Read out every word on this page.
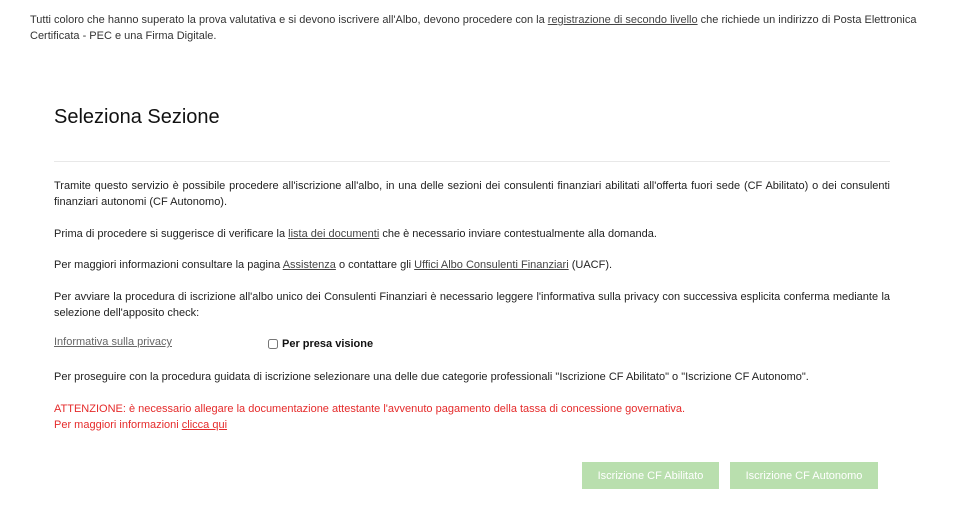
Tutti coloro che hanno superato la prova valutativa e si devono iscrivere all'Albo, devono procedere con la registrazione di secondo livello che richiede un indirizzo di Posta Elettronica Certificata - PEC e una Firma Digitale.
Seleziona Sezione
Tramite questo servizio è possibile procedere all'iscrizione all'albo, in una delle sezioni dei consulenti finanziari abilitati all'offerta fuori sede (CF Abilitato) o dei consulenti finanziari autonomi (CF Autonomo).
Prima di procedere si suggerisce di verificare la lista dei documenti che è necessario inviare contestualmente alla domanda.
Per maggiori informazioni consultare la pagina Assistenza o contattare gli Uffici Albo Consulenti Finanziari (UACF).
Per avviare la procedura di iscrizione all'albo unico dei Consulenti Finanziari è necessario leggere l'informativa sulla privacy con successiva esplicita conferma mediante la selezione dell'apposito check:
Informativa sulla privacy	Per presa visione
Per proseguire con la procedura guidata di iscrizione selezionare una delle due categorie professionali "Iscrizione CF Abilitato" o "Iscrizione CF Autonomo".
ATTENZIONE: è necessario allegare la documentazione attestante l'avvenuto pagamento della tassa di concessione governativa.
Per maggiori informazioni clicca qui
Iscrizione CF Abilitato	Iscrizione CF Autonomo
